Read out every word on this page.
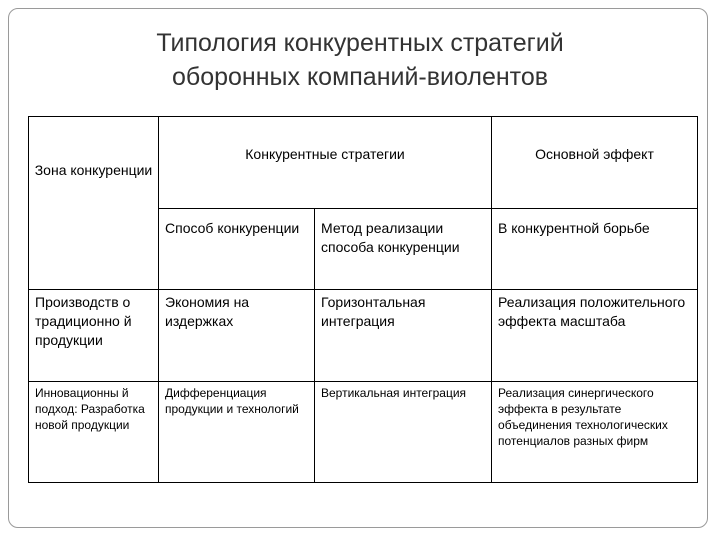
Типология конкурентных стратегий
оборонных компаний-виолентов
Зона конкуренции	Конкурентные стратегии		Основной эффект
	Способ конкуренции	Метод реализации способа конкуренции	В конкурентной борьбе
Производств о традиционно й продукции	Экономия на издержках	Горизонтальная интеграция	Реализация положительного эффекта масштаба
Инновационны й подход: Разработка новой продукции	Дифференциация продукции и технологий	Вертикальная интеграция	Реализация синергического эффекта в результате объединения технологических потенциалов разных фирм
